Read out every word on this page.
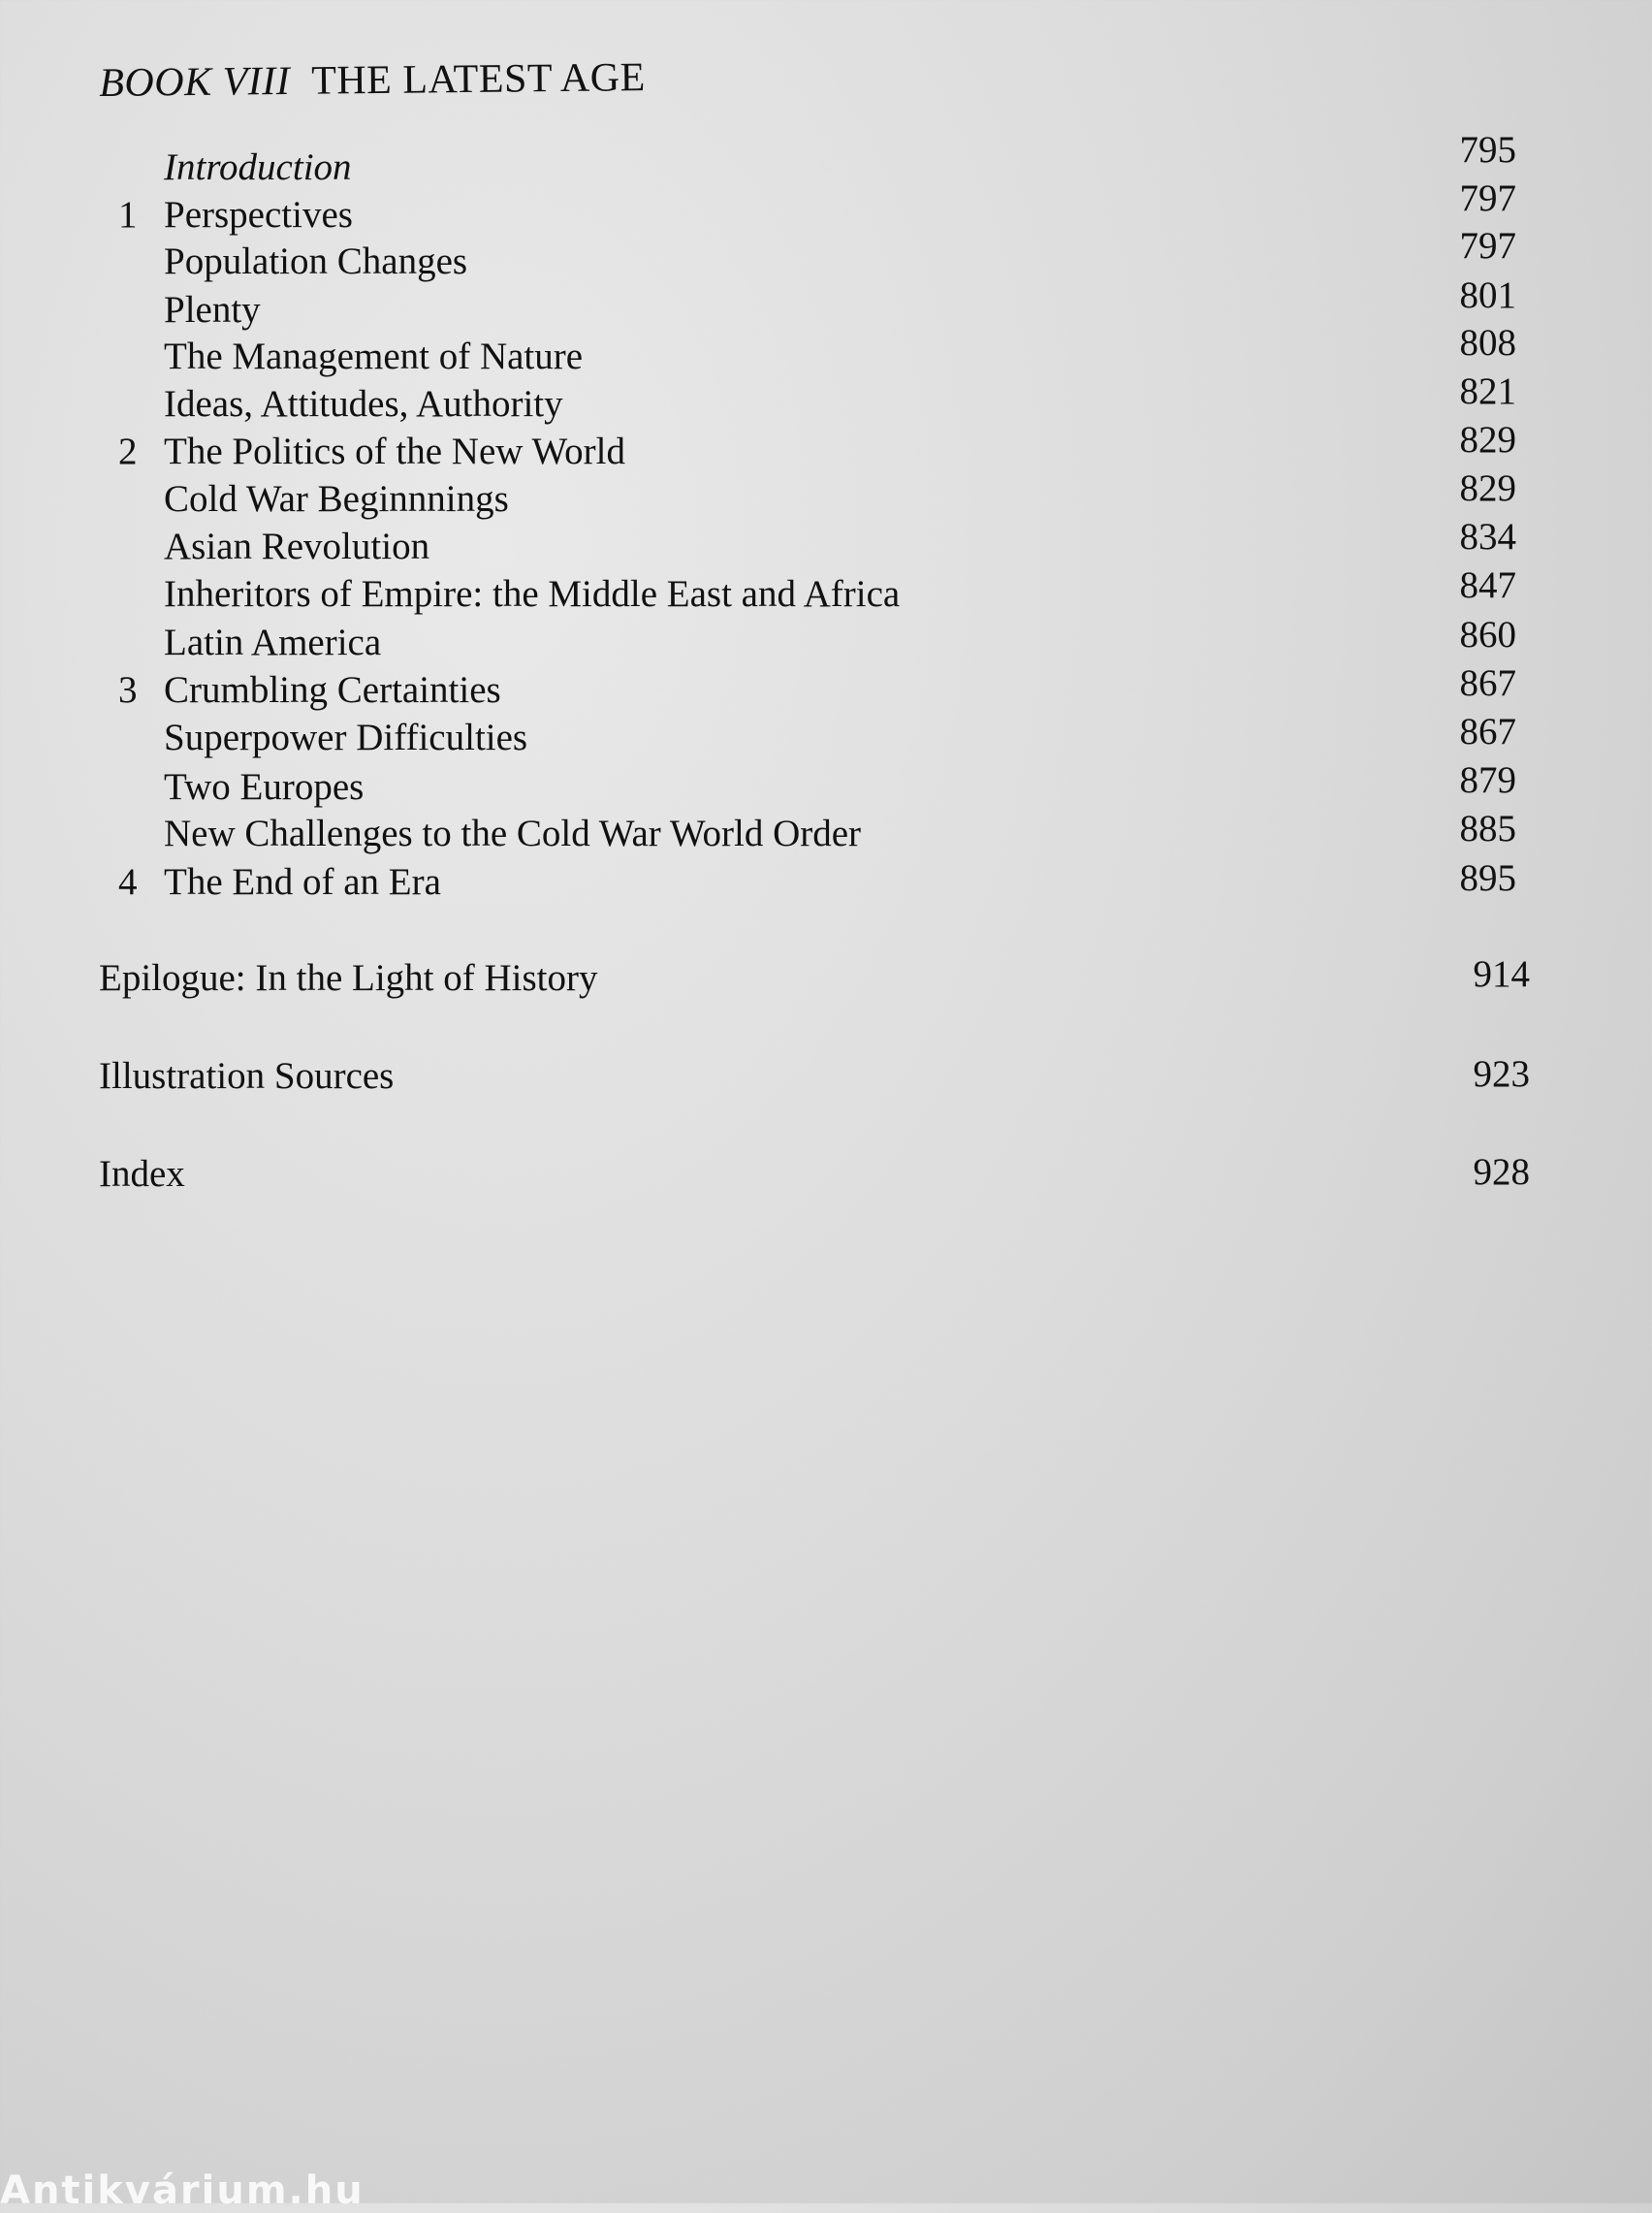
BOOK VIII THE LATEST AGE
Introduction	795
1 Perspectives	797
Population Changes	797
Plenty	801
The Management of Nature	808
Ideas, Attitudes, Authority	821
2 The Politics of the New World	829
Cold War Beginnnings	829
Asian Revolution	834
Inheritors of Empire: the Middle East and Africa	847
Latin America	860
3 Crumbling Certainties	867
Superpower Difficulties	867
Two Europes	879
New Challenges to the Cold War World Order	885
4 The End of an Era	895
Epilogue: In the Light of History	914
Illustration Sources	923
Index	928
Antikvárium.hu
